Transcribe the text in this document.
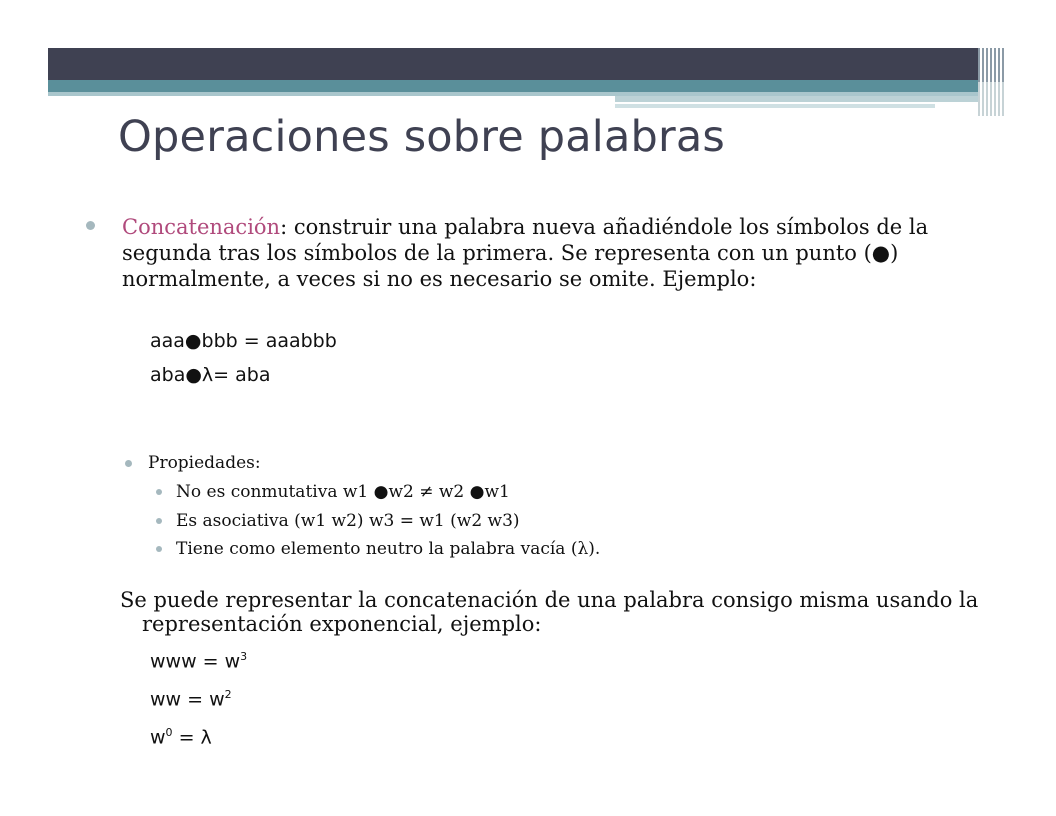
Operaciones sobre palabras

Concatenación: construir una palabra nueva añadiéndole los símbolos de la segunda tras los símbolos de la primera. Se representa con un punto (●) normalmente, a veces si no es necesario se omite. Ejemplo:

aaa●bbb = aaabbb

aba●λ= aba

Propiedades:

No es conmutativa w1 ●w2 ≠ w2 ●w1

Es asociativa (w1 w2) w3 = w1 (w2 w3)

Tiene como elemento neutro la palabra vacía (λ).

Se puede representar la concatenación de una palabra consigo misma usando la representación exponencial, ejemplo:

www = $w^3$

ww = $w^2$

$w^0 = \lambda$
